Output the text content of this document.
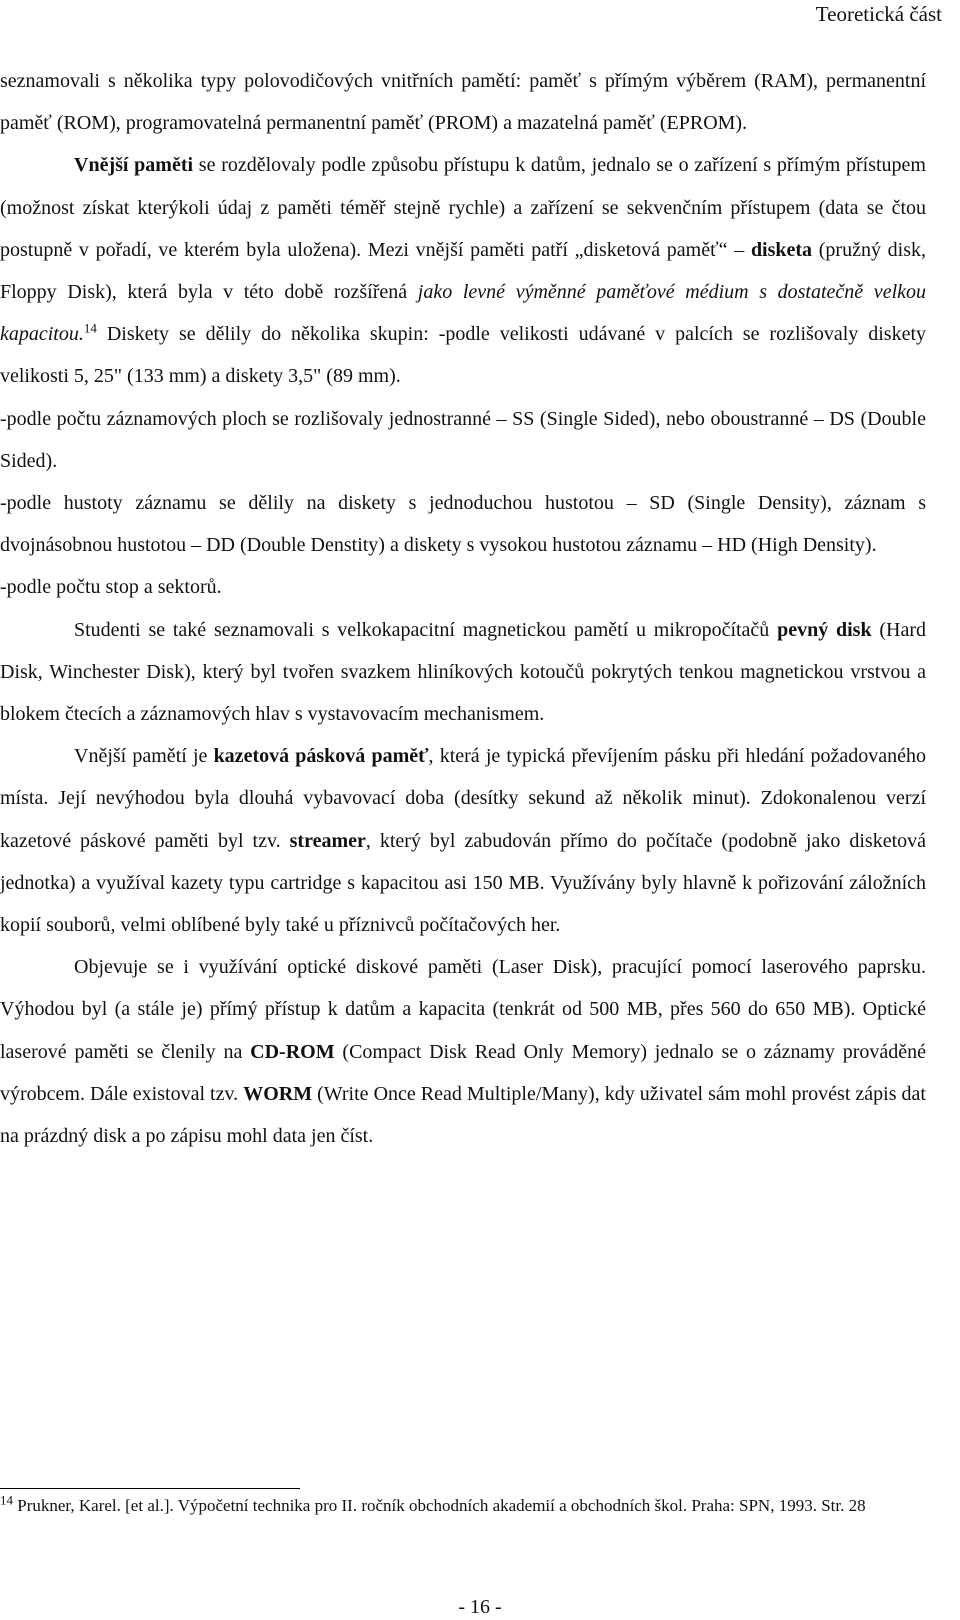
Teoretická část

seznamovali s několika typy polovodičových vnitřních pamětí: paměť s přímým výběrem (RAM), permanentní paměť (ROM), programovatelná permanentní paměť (PROM) a mazatelná paměť (EPROM).

Vnější paměti se rozdělovaly podle způsobu přístupu k datům, jednalo se o zařízení s přímým přístupem (možnost získat kterýkoli údaj z paměti téměř stejně rychle) a zařízení se sekvenčním přístupem (data se čtou postupně v pořadí, ve kterém byla uložena). Mezi vnější paměti patří „disketová paměť“ – disketa (pružný disk, Floppy Disk), která byla v této době rozšířená jako levné výměnné paměťové médium s dostatečně velkou kapacitou.$^{14}$ Diskety se dělily do několika skupin: -podle velikosti udávané v palcích se rozlišovaly diskety velikosti 5, 25" (133 mm) a diskety 3,5" (89 mm).

-podle počtu záznamových ploch se rozlišovaly jednostranné – SS (Single Sided), nebo oboustranné – DS (Double Sided).

-podle hustoty záznamu se dělily na diskety s jednoduchou hustotou – SD (Single Density), záznam s dvojnásobnou hustotou – DD (Double Denstity) a diskety s vysokou hustotou záznamu – HD (High Density).

-podle počtu stop a sektorů.

Studenti se také seznamovali s velkokapacitní magnetickou pamětí u mikropočítačů pevný disk (Hard Disk, Winchester Disk), který byl tvořen svazkem hliníkových kotoučů pokrytých tenkou magnetickou vrstvou a blokem čtecích a záznamových hlav s vystavovacím mechanismem.

Vnější pamětí je kazetová pásková paměť, která je typická převíjením pásku při hledání požadovaného místa. Její nevýhodou byla dlouhá vybavovací doba (desítky sekund až několik minut). Zdokonalenou verzí kazetové páskové paměti byl tzv. streamer, který byl zabudován přímo do počítače (podobně jako disketová jednotka) a využíval kazety typu cartridge s kapacitou asi 150 MB. Využívány byly hlavně k pořizování záložních kopií souborů, velmi oblíbené byly také u příznivců počítačových her.

Objevuje se i využívání optické diskové paměti (Laser Disk), pracující pomocí laserového paprsku. Výhodou byl (a stále je) přímý přístup k datům a kapacita (tenkrát od 500 MB, přes 560 do 650 MB). Optické laserové paměti se členily na CD-ROM (Compact Disk Read Only Memory) jednalo se o záznamy prováděné výrobcem. Dále existoval tzv. WORM (Write Once Read Multiple/Many), kdy uživatel sám mohl provést zápis dat na prázdný disk a po zápisu mohl data jen číst.

$^{14}$ Prukner, Karel. [et al.]. Výpočetní technika pro II. ročník obchodních akademií a obchodních škol. Praha: SPN, 1993. Str. 28

- 16 -
